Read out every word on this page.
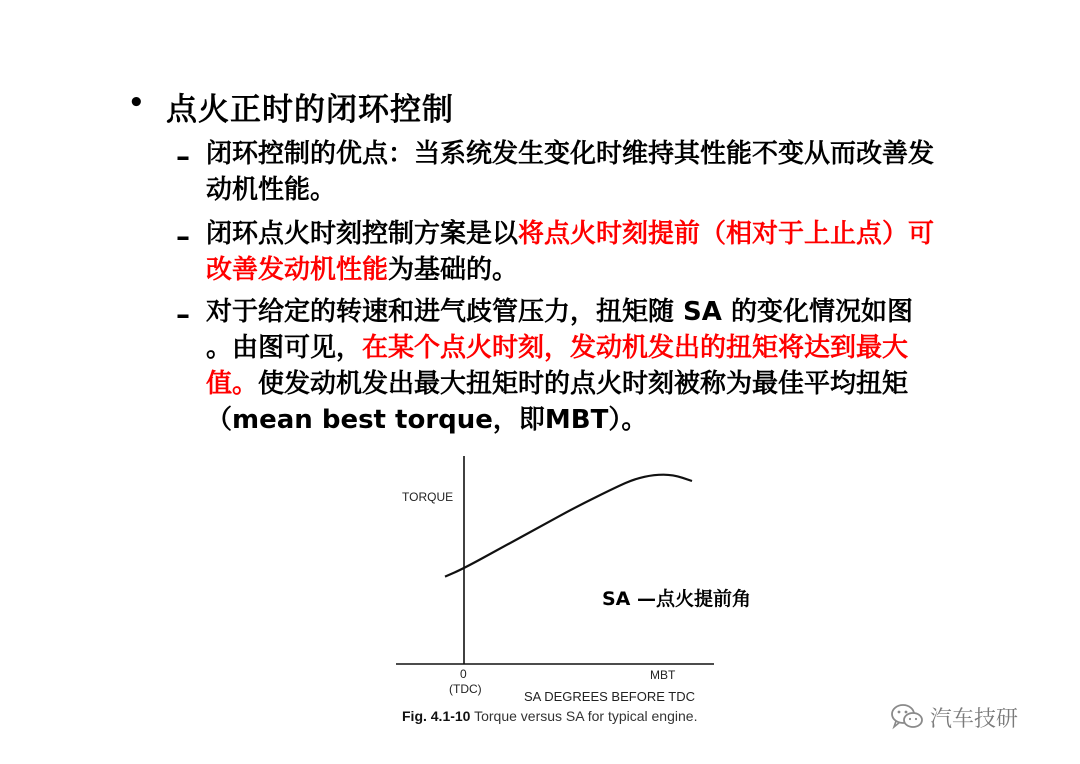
• 点火正时的闭环控制
– 闭环控制的优点：当系统发生变化时维持其性能不变从而改善发动机性能。
– 闭环点火时刻控制方案是以将点火时刻提前（相对于上止点）可改善发动机性能为基础的。
– 对于给定的转速和进气歧管压力，扭矩随 SA 的变化情况如图 。由图可见，在某个点火时刻，发动机发出的扭矩将达到最大值。使发动机发出最大扭矩时的点火时刻被称为最佳平均扭矩（mean best torque，即MBT）。
TORQUE
0
(TDC)
MBT
SA DEGREES BEFORE TDC
SA —点火提前角
Fig. 4.1-10 Torque versus SA for typical engine.	汽车技研
